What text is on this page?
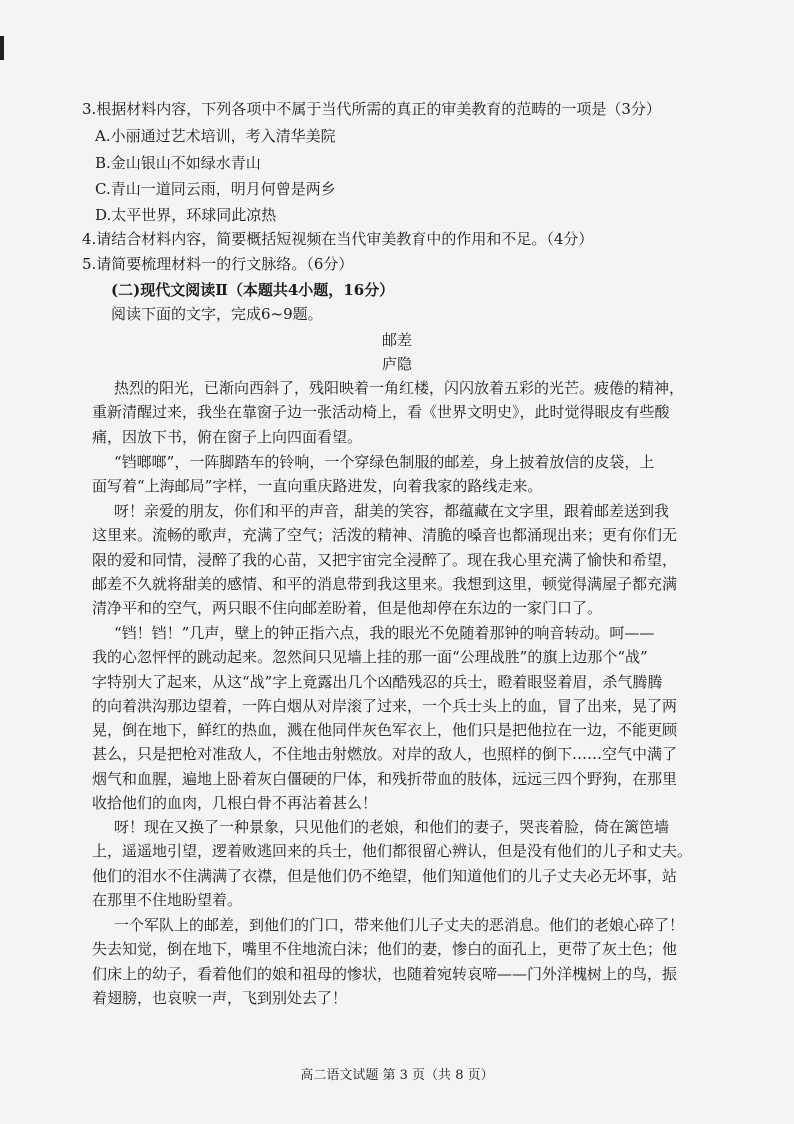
3.根据材料内容，下列各项中不属于当代所需的真正的审美教育的范畴的一项是（3分）
A.小丽通过艺术培训，考入清华美院
B.金山银山不如绿水青山
C.青山一道同云雨，明月何曾是两乡
D.太平世界，环球同此凉热
4.请结合材料内容，简要概括短视频在当代审美教育中的作用和不足。（4分）
5.请简要梳理材料一的行文脉络。（6分）
(二)现代文阅读Ⅱ（本题共4小题，16分）
阅读下面的文字，完成6~9题。
邮差
庐隐
热烈的阳光，已渐向西斜了，残阳映着一角红楼，闪闪放着五彩的光芒。疲倦的精神，
重新清醒过来，我坐在靠窗子边一张活动椅上，看《世界文明史》，此时觉得眼皮有些酸
痛，因放下书，俯在窗子上向四面看望。
“铛啷啷”，一阵脚踏车的铃响，一个穿绿色制服的邮差，身上披着放信的皮袋，上
面写着“上海邮局”字样，一直向重庆路进发，向着我家的路线走来。
呀！亲爱的朋友，你们和平的声音，甜美的笑容，都蕴藏在文字里，跟着邮差送到我
这里来。流畅的歌声，充满了空气；活泼的精神、清脆的嗓音也都涌现出来；更有你们无
限的爱和同情，浸醉了我的心苗，又把宇宙完全浸醉了。现在我心里充满了愉快和希望，
邮差不久就将甜美的感情、和平的消息带到我这里来。我想到这里，顿觉得满屋子都充满
清净平和的空气，两只眼不住向邮差盼着，但是他却停在东边的一家门口了。
“铛！铛！”几声，壁上的钟正指六点，我的眼光不免随着那钟的响音转动。呵——
我的心忽怦怦的跳动起来。忽然间只见墙上挂的那一面“公理战胜”的旗上边那个“战”
字特别大了起来，从这“战”字上竟露出几个凶酷残忍的兵士，瞪着眼竖着眉，杀气腾腾
的向着洪沟那边望着，一阵白烟从对岸滚了过来，一个兵士头上的血，冒了出来，晃了两
晃，倒在地下，鲜红的热血，溅在他同伴灰色军衣上，他们只是把他拉在一边，不能更顾
甚么，只是把枪对准敌人，不住地击射燃放。对岸的敌人，也照样的倒下……空气中满了
烟气和血腥，遍地上卧着灰白僵硬的尸体，和残折带血的肢体，远远三四个野狗，在那里
收拾他们的血肉，几根白骨不再沾着甚么！
呀！现在又换了一种景象，只见他们的老娘，和他们的妻子，哭丧着脸，倚在篱笆墙
上，遥遥地引望，逻着败逃回来的兵士，他们都很留心辨认，但是没有他们的儿子和丈夫。
他们的泪水不住满满了衣襟，但是他们仍不绝望，他们知道他们的儿子丈夫必无坏事，站
在那里不住地盼望着。
一个军队上的邮差，到他们的门口，带来他们儿子丈夫的恶消息。他们的老娘心碎了！
失去知觉，倒在地下，嘴里不住地流白沫；他们的妻，惨白的面孔上，更带了灰土色；他
们床上的幼子，看着他们的娘和祖母的惨状，也随着宛转哀啼——门外洋槐树上的鸟，振
着翅膀，也哀唳一声，飞到别处去了！
高二语文试题 第 3 页（共 8 页）
